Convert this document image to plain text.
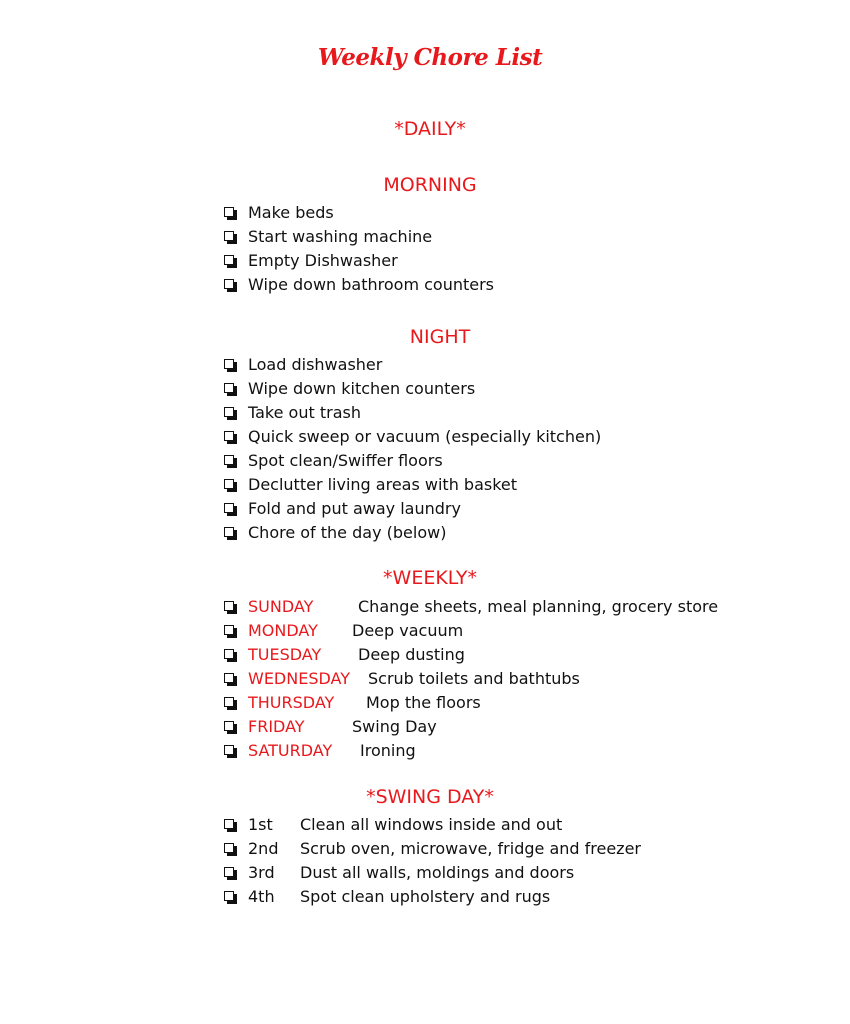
Weekly Chore List
*DAILY*
MORNING
Make beds
Start washing machine
Empty Dishwasher
Wipe down bathroom counters
NIGHT
Load dishwasher
Wipe down kitchen counters
Take out trash
Quick sweep or vacuum (especially kitchen)
Spot clean/Swiffer floors
Declutter living areas with basket
Fold and put away laundry
Chore of the day (below)
*WEEKLY*
SUNDAY	Change sheets, meal planning, grocery store
MONDAY Deep vacuum
TUESDAY Deep dusting
WEDNESDAY Scrub toilets and bathtubs
THURSDAY Mop the floors
FRIDAY	Swing Day
SATURDAY Ironing
*SWING DAY*
1st Clean all windows inside and out
2nd Scrub oven, microwave, fridge and freezer
3rd Dust all walls, moldings and doors
4th Spot clean upholstery and rugs
